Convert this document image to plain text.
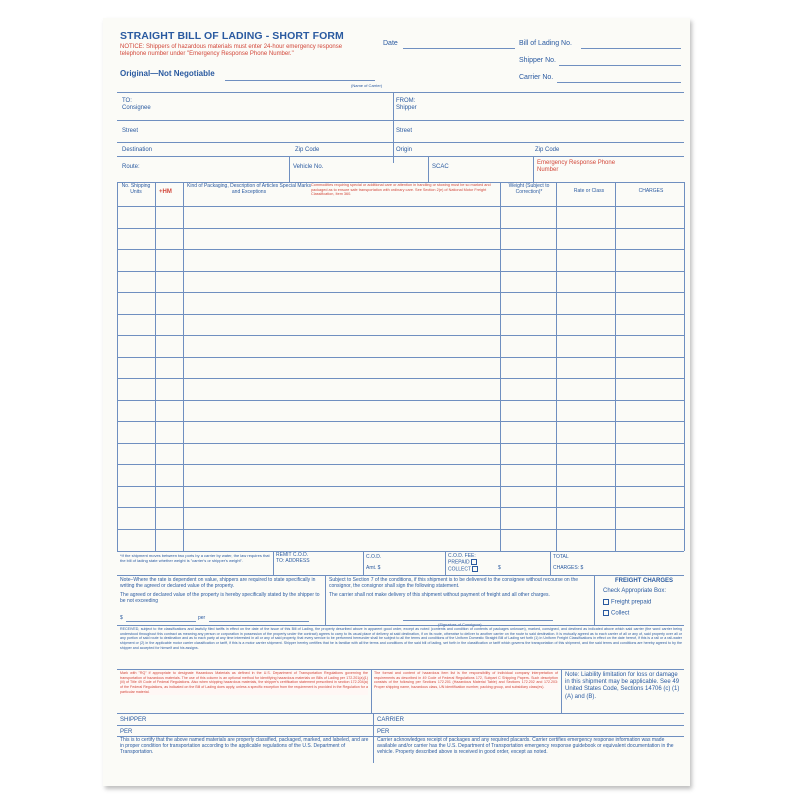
STRAIGHT BILL OF LADING - SHORT FORM
NOTICE: Shippers of hazardous materials must enter 24-hour emergency response telephone number under "Emergency Response Phone Number."
Original—Not Negotiable
(Name of Carrier)
Date	Bill of Lading No.
Shipper No.
Carrier No.
TO:
Consignee
FROM:
Shipper
Street	Street
Destination	Zip Code	Origin	Zip Code
Route:	Vehicle No.	SCAC
Emergency Response Phone Number
No. Shipping Units	+HM
Kind of Packaging, Description of Articles Special Marks and Exceptions
Commodities requiring special or additional care or attention in handling or stowing must be so marked and packaged as to ensure safe transportation with ordinary care. See Section 2(e) of National Motor Freight Classification, Item 360.
Weight (Subject to Correction)*	Rate or Class	CHARGES
*If the shipment moves between two ports by a carrier by water, the law requires that the bill of lading state whether weight is "carrier's or shipper's weight".
REMIT C.O.D. TO: ADDRESS
C.O.D.
Amt. $
C.O.D. FEE:
PREPAID
COLLECT	$
TOTAL
CHARGES: $
Note–Where the rate is dependent on value, shippers are required to state specifically in writing the agreed or declared value of the property.
The agreed or declared value of the property is hereby specifically stated by the shipper to be not exceeding
$	per
Subject to Section 7 of the conditions, if this shipment is to be delivered to the consignee without recourse on the consignor, the consignor shall sign the following statement.
The carrier shall not make delivery of this shipment without payment of freight and all other charges.
(Signature of Consignor)
FREIGHT CHARGES
Check Appropriate Box:
Freight prepaid
Collect
RECEIVED, subject to the classifications and lawfully filed tariffs in effect on the date of the issue of this Bill of Lading, the property described above in apparent good order, except as noted (contents and condition of contents of packages unknown), marked, consigned, and destined as indicated above which said carrier (the word carrier being understood throughout this contract as meaning any person or corporation in possession of the property under the contract) agrees to carry to its usual place of delivery at said destination, if on its route, otherwise to deliver to another carrier on the route to said destination. It is mutually agreed as to each carrier of all or any of, said property over all or any portion of said route to destination and as to each party at any time interested in all or any of said property, that every service to be performed hereunder shall be subject to all the terms and conditions of the Uniform Domestic Straight Bill of Lading set forth (1) in Uniform Freight Classifications in effect on the date hereof, if this is a rail or a rail-water shipment or (2) in the applicable motor carrier classification or tariff, if this is a motor carrier shipment. Shipper hereby certifies that he is familiar with all the terms and conditions of the said bill of lading, set forth in the classification or tariff which governs the transportation of this shipment, and the said terms and conditions are hereby agreed to by the shipper and accepted for himself and his assigns.
Mark with "RQ" if appropriate to designate Hazardous Materials as defined in the U.S. Department of Transportation Regulations governing the transportation of hazardous materials. The use of this column is an optional method for identifying hazardous materials on Bills of Lading per 172.201(a)(1)(iii) of Title 49 Code of Federal Regulations. Also when shipping hazardous materials, the shipper's certification statement prescribed in section 172.204(a) of the Federal Regulations, as indicated on the Bill of Lading does apply, unless a specific exception from the requirement is provided in the Regulation for a particular material.
The format and content of hazardous item list is the responsibility of individual company interpretation of requirements as described in 49 Code of Federal Regulations 172, Subpart C Shipping Papers. Such description consists of the following per Sections 172.201 (Hazardous Material Table) and Sections 172.202 and 172.203: Proper shipping name, hazardous class, UN identification number, packing group, and subsidiary class(es).
Note: Liability limitation for loss or damage in this shipment may be applicable. See 49 United States Code, Sections 14706 (c) (1) (A) and (B).
SHIPPER	CARRIER
PER	PER
This is to certify that the above named materials are properly classified, packaged, marked, and labeled, and are in proper condition for transportation according to the applicable regulations of the U.S. Department of Transportation.
Carrier acknowledges receipt of packages and any required placards. Carrier certifies emergency response information was made available and/or carrier has the U.S. Department of Transportation emergency response guidebook or equivalent documentation in the vehicle. Property described above is received in good order, except as noted.
